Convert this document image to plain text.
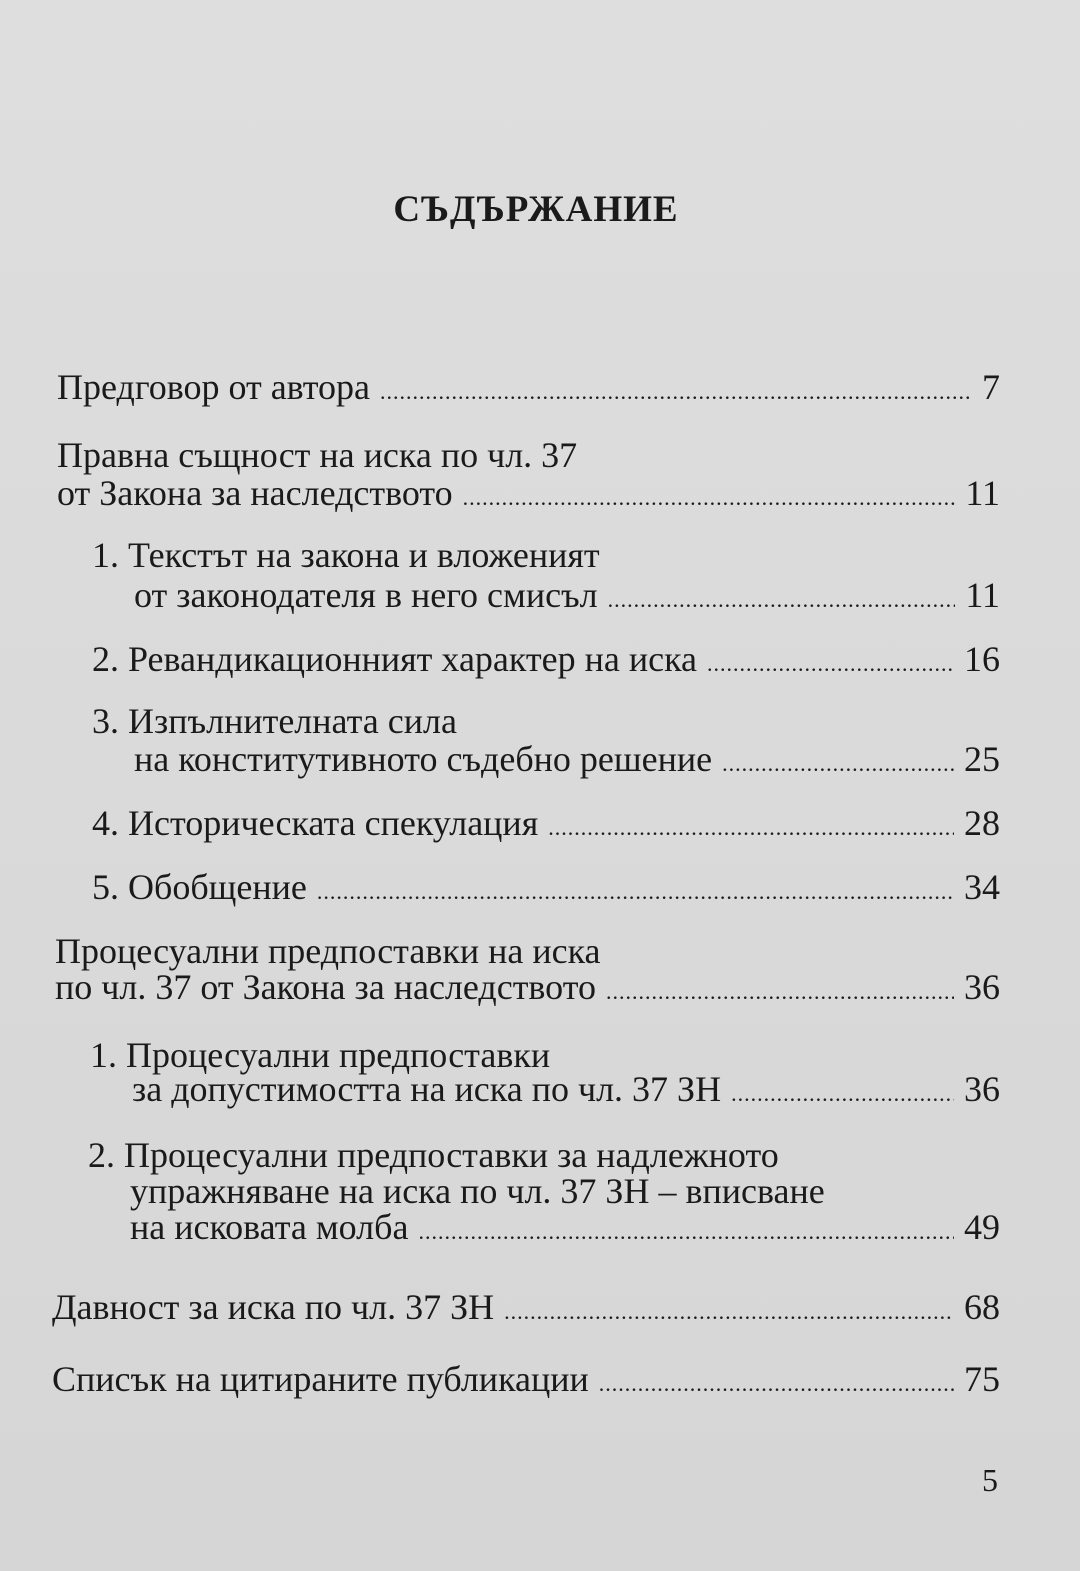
СЪДЪРЖАНИЕ
Предговор от автора .....	7
Правна същност на иска по чл. 37
от Закона за наследството .....	11
1. Текстът на закона и вложеният
от законодателя в него смисъл .....	11
2. Ревандикационният характер на иска .....	16
3. Изпълнителната сила
на конститутивното съдебно решение .....	25
4. Историческата спекулация .....	28
5. Обобщение .....	34
Процесуални предпоставки на иска
по чл. 37 от Закона за наследството .....	36
1. Процесуални предпоставки
за допустимостта на иска по чл. 37 ЗН .....	36
2. Процесуални предпоставки за надлежното
упражняване на иска по чл. 37 ЗН – вписване
на исковата молба .....	49
Давност за иска по чл. 37 ЗН .....	68
Списък на цитираните публикации .....	75
5
